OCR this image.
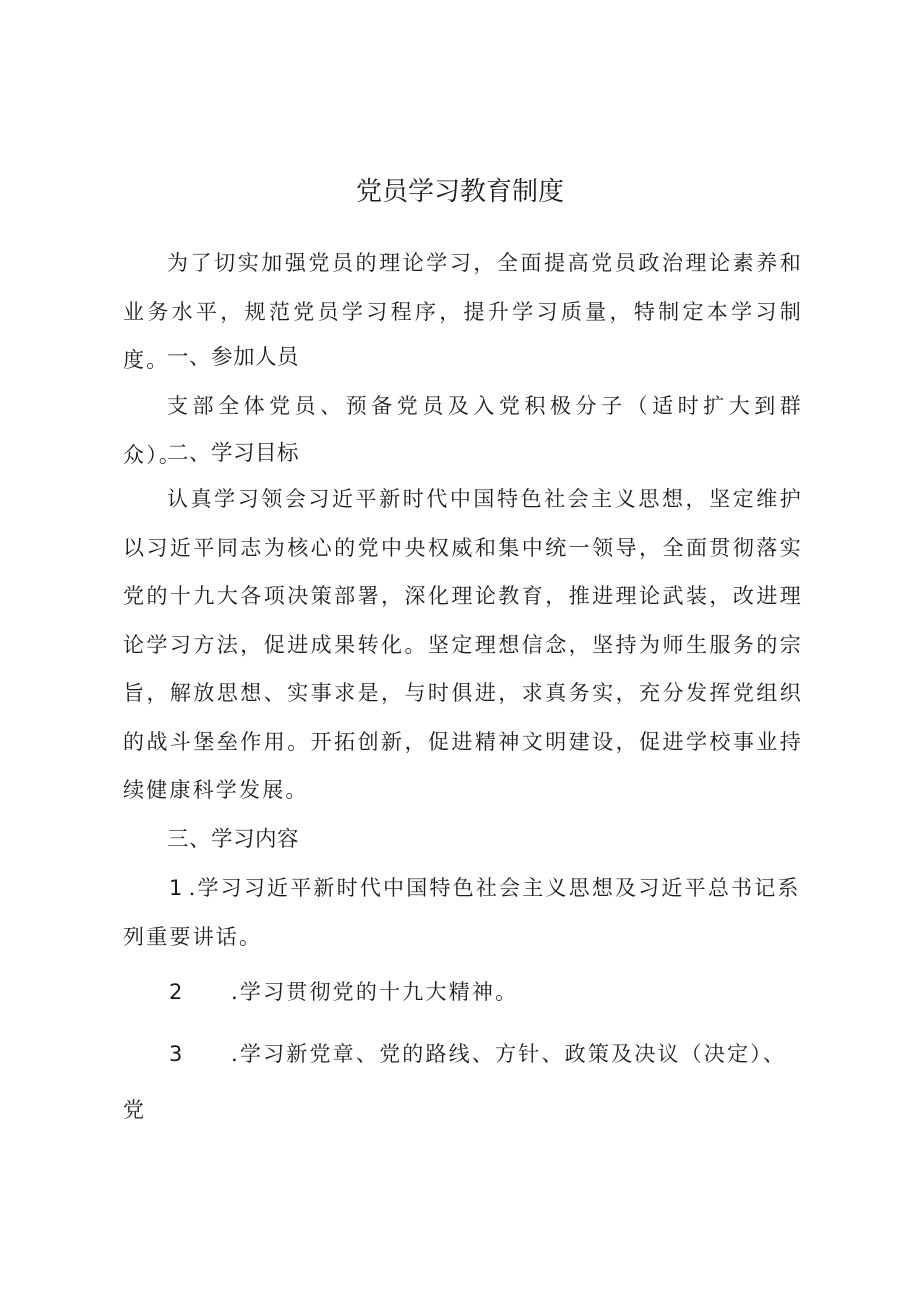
党员学习教育制度

为了切实加强党员的理论学习，全面提高党员政治理论素养和业务水平，规范党员学习程序，提升学习质量，特制定本学习制度。

一、参加人员

支部全体党员、预备党员及入党积极分子（适时扩大到群众）。

二、学习目标

认真学习领会习近平新时代中国特色社会主义思想，坚定维护以习近平同志为核心的党中央权威和集中统一领导，全面贯彻落实党的十九大各项决策部署，深化理论教育，推进理论武装，改进理论学习方法，促进成果转化。坚定理想信念，坚持为师生服务的宗旨，解放思想、实事求是，与时俱进，求真务实，充分发挥党组织的战斗堡垒作用。开拓创新，促进精神文明建设，促进学校事业持续健康科学发展。

三、学习内容

1 .学习习近平新时代中国特色社会主义思想及习近平总书记系列重要讲话。

2 .学习贯彻党的十九大精神。

3 .学习新党章、党的路线、方针、政策及决议（决定）、

党
